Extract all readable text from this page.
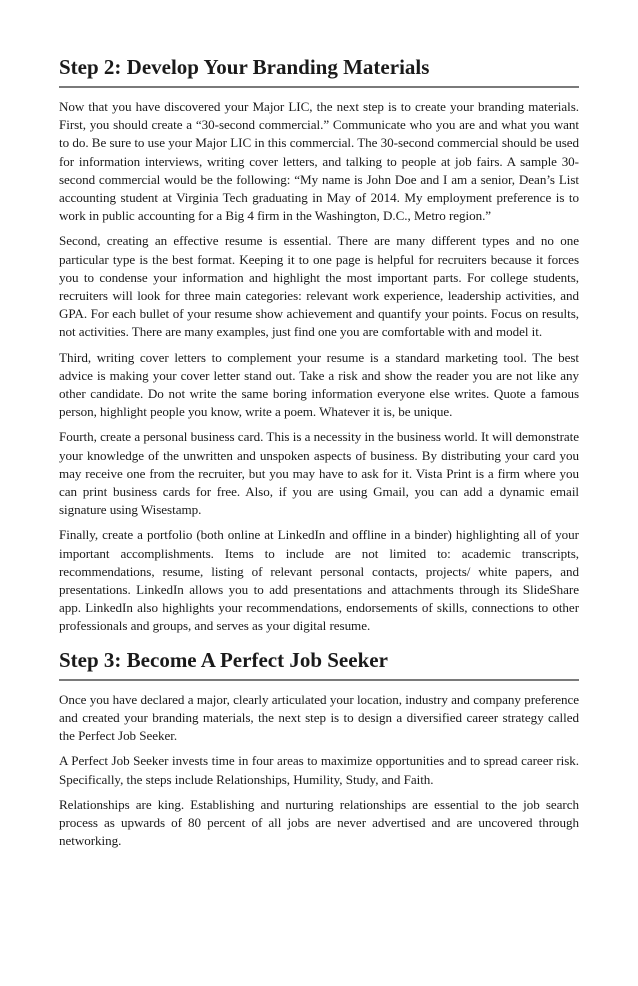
Step 2: Develop Your Branding Materials

Now that you have discovered your Major LIC, the next step is to create your branding materials. First, you should create a “30-second commercial.” Communicate who you are and what you want to do. Be sure to use your Major LIC in this commercial. The 30-second commercial should be used for information interviews, writing cover letters, and talking to people at job fairs. A sample 30-second commercial would be the following: “My name is John Doe and I am a senior, Dean’s List accounting student at Virginia Tech graduating in May of 2014. My employment preference is to work in public accounting for a Big 4 firm in the Washington, D.C., Metro region.”

Second, creating an effective resume is essential. There are many different types and no one particular type is the best format. Keeping it to one page is helpful for recruiters because it forces you to condense your information and highlight the most important parts. For college students, recruiters will look for three main categories: relevant work experience, leadership activities, and GPA. For each bullet of your resume show achievement and quantify your points. Focus on results, not activities. There are many examples, just find one you are comfortable with and model it.

Third, writing cover letters to complement your resume is a standard marketing tool. The best advice is making your cover letter stand out. Take a risk and show the reader you are not like any other candidate. Do not write the same boring information everyone else writes. Quote a famous person, highlight people you know, write a poem. Whatever it is, be unique.

Fourth, create a personal business card. This is a necessity in the business world. It will demonstrate your knowledge of the unwritten and unspoken aspects of business. By distributing your card you may receive one from the recruiter, but you may have to ask for it. Vista Print is a firm where you can print business cards for free. Also, if you are using Gmail, you can add a dynamic email signature using Wisestamp.

Finally, create a portfolio (both online at LinkedIn and offline in a binder) highlighting all of your important accomplishments. Items to include are not limited to: academic transcripts, recommendations, resume, listing of relevant personal contacts, projects/ white papers, and presentations. LinkedIn allows you to add presentations and attachments through its SlideShare app. LinkedIn also highlights your recommendations, endorsements of skills, connections to other professionals and groups, and serves as your digital resume.

Step 3: Become A Perfect Job Seeker

Once you have declared a major, clearly articulated your location, industry and company preference and created your branding materials, the next step is to design a diversified career strategy called the Perfect Job Seeker.

A Perfect Job Seeker invests time in four areas to maximize opportunities and to spread career risk. Specifically, the steps include Relationships, Humility, Study, and Faith.

Relationships are king. Establishing and nurturing relationships are essential to the job search process as upwards of 80 percent of all jobs are never advertised and are uncovered through networking.
